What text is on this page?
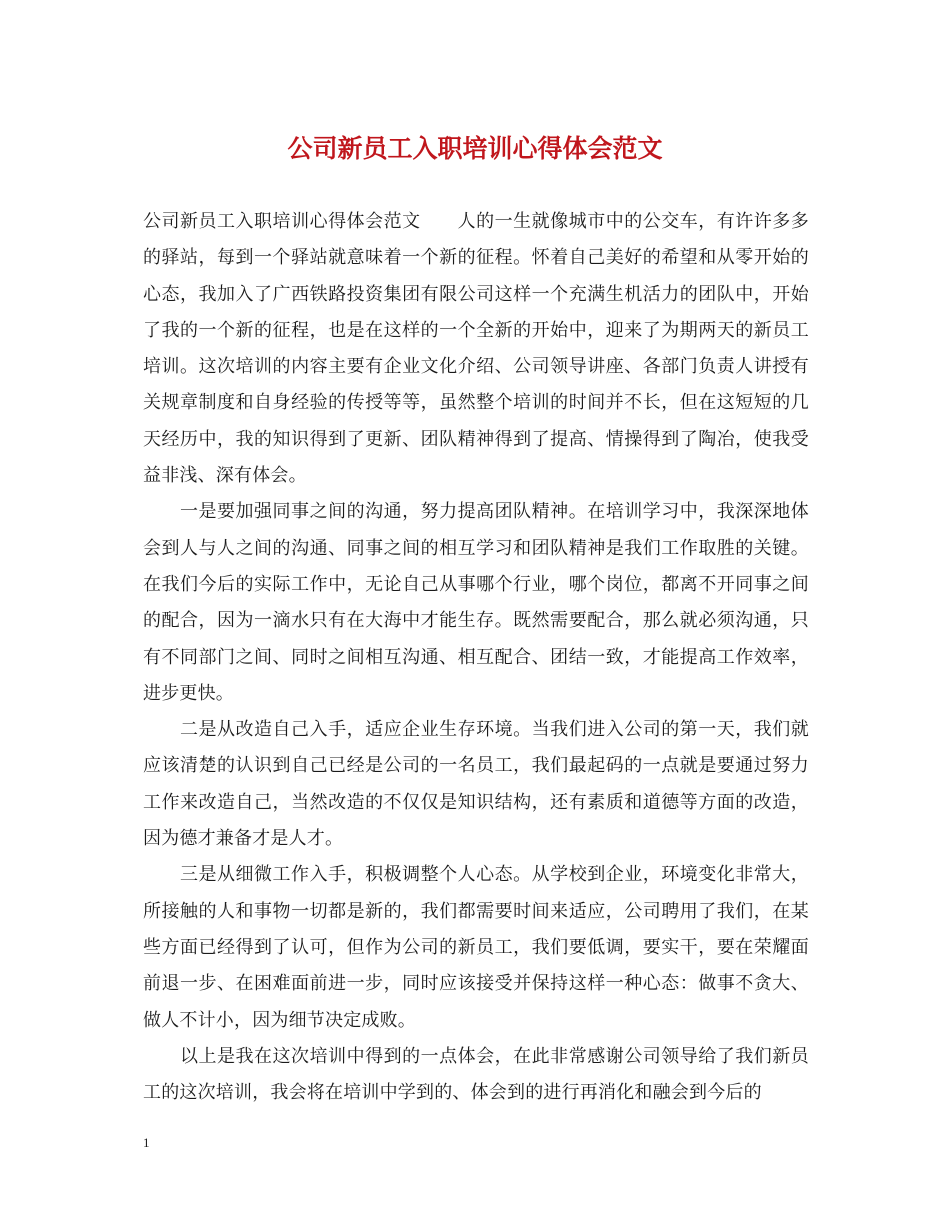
公司新员工入职培训心得体会范文

公司新员工入职培训心得体会范文　　人的一生就像城市中的公交车，有许许多多的驿站，每到一个驿站就意味着一个新的征程。怀着自己美好的希望和从零开始的心态，我加入了广西铁路投资集团有限公司这样一个充满生机活力的团队中，开始了我的一个新的征程，也是在这样的一个全新的开始中，迎来了为期两天的新员工培训。这次培训的内容主要有企业文化介绍、公司领导讲座、各部门负责人讲授有关规章制度和自身经验的传授等等，虽然整个培训的时间并不长，但在这短短的几天经历中，我的知识得到了更新、团队精神得到了提高、情操得到了陶冶，使我受益非浅、深有体会。

一是要加强同事之间的沟通，努力提高团队精神。在培训学习中，我深深地体会到人与人之间的沟通、同事之间的相互学习和团队精神是我们工作取胜的关键。在我们今后的实际工作中，无论自己从事哪个行业，哪个岗位，都离不开同事之间的配合，因为一滴水只有在大海中才能生存。既然需要配合，那么就必须沟通，只有不同部门之间、同时之间相互沟通、相互配合、团结一致，才能提高工作效率，进步更快。

二是从改造自己入手，适应企业生存环境。当我们进入公司的第一天，我们就应该清楚的认识到自己已经是公司的一名员工，我们最起码的一点就是要通过努力工作来改造自己，当然改造的不仅仅是知识结构，还有素质和道德等方面的改造，因为德才兼备才是人才。

三是从细微工作入手，积极调整个人心态。从学校到企业，环境变化非常大，所接触的人和事物一切都是新的，我们都需要时间来适应，公司聘用了我们，在某些方面已经得到了认可，但作为公司的新员工，我们要低调，要实干，要在荣耀面前退一步、在困难面前进一步，同时应该接受并保持这样一种心态：做事不贪大、做人不计小，因为细节决定成败。

以上是我在这次培训中得到的一点体会，在此非常感谢公司领导给了我们新员工的这次培训，我会将在培训中学到的、体会到的进行再消化和融会到今后的

1
